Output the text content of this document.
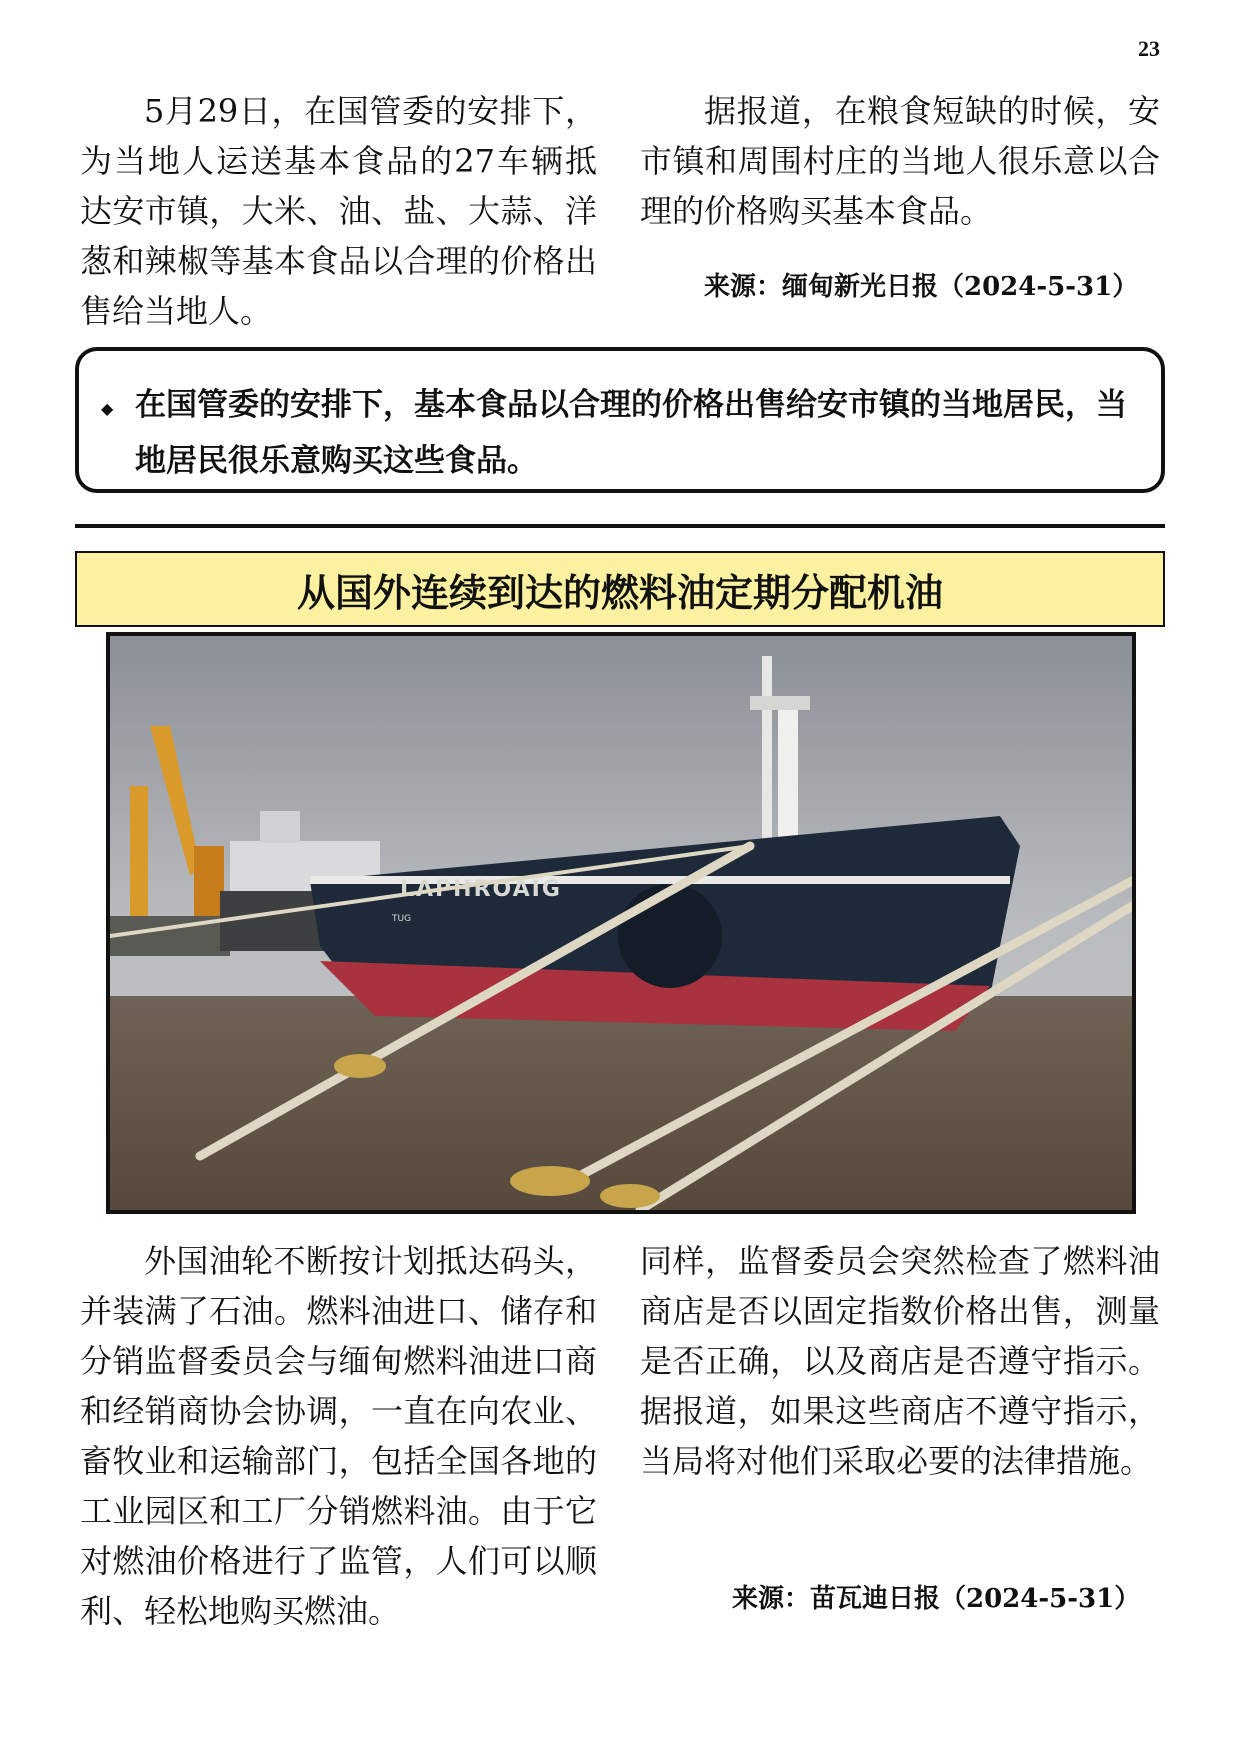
23

5月29日，在国管委的安排下，为当地人运送基本食品的27车辆抵达安市镇，大米、油、盐、大蒜、洋葱和辣椒等基本食品以合理的价格出售给当地人。

据报道，在粮食短缺的时候，安市镇和周围村庄的当地人很乐意以合理的价格购买基本食品。

来源：缅甸新光日报（2024-5-31）
◆ 在国管委的安排下，基本食品以合理的价格出售给安市镇的当地居民，当地居民很乐意购买这些食品。
从国外连续到达的燃料油定期分配机油
LAPHROAIG
TUG

外国油轮不断按计划抵达码头，并装满了石油。燃料油进口、储存和分销监督委员会与缅甸燃料油进口商和经销商协会协调，一直在向农业、畜牧业和运输部门，包括全国各地的工业园区和工厂分销燃料油。由于它对燃油价格进行了监管，人们可以顺利、轻松地购买燃油。

同样，监督委员会突然检查了燃料油商店是否以固定指数价格出售，测量是否正确，以及商店是否遵守指示。据报道，如果这些商店不遵守指示，当局将对他们采取必要的法律措施。

来源：苗瓦迪日报（2024-5-31）
